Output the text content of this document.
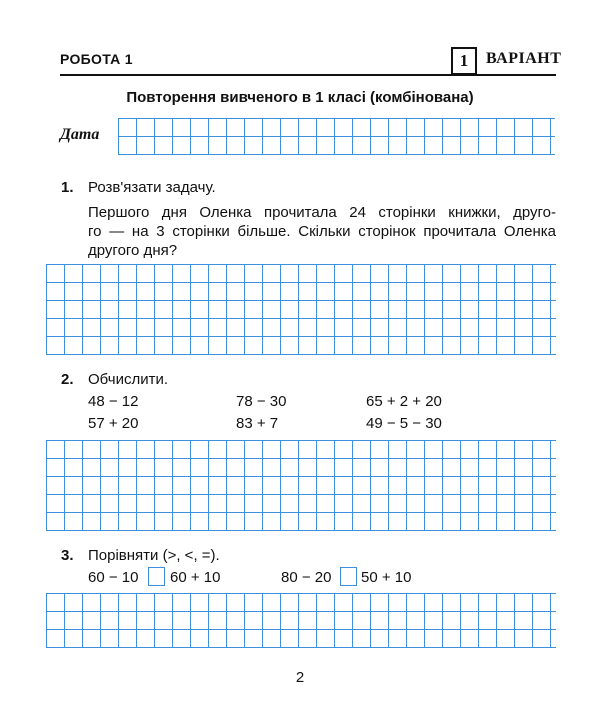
РОБОТА 1	1	ВАРІАНТ
Повторення вивченого в 1 класі (комбінована)
Дата
1. Розв'язати задачу.
Першого дня Оленка прочитала 24 сторінки книжки, друго-
го — на 3 сторінки більше. Скільки сторінок прочитала Оленка
другого дня?
2. Обчислити.
48 − 12	78 − 30	65 + 2 + 20
57 + 20	83 + 7	49 − 5 − 30
3. Порівняти (>, <, =).
60 − 10 60 + 10	80 − 20 50 + 10
2
